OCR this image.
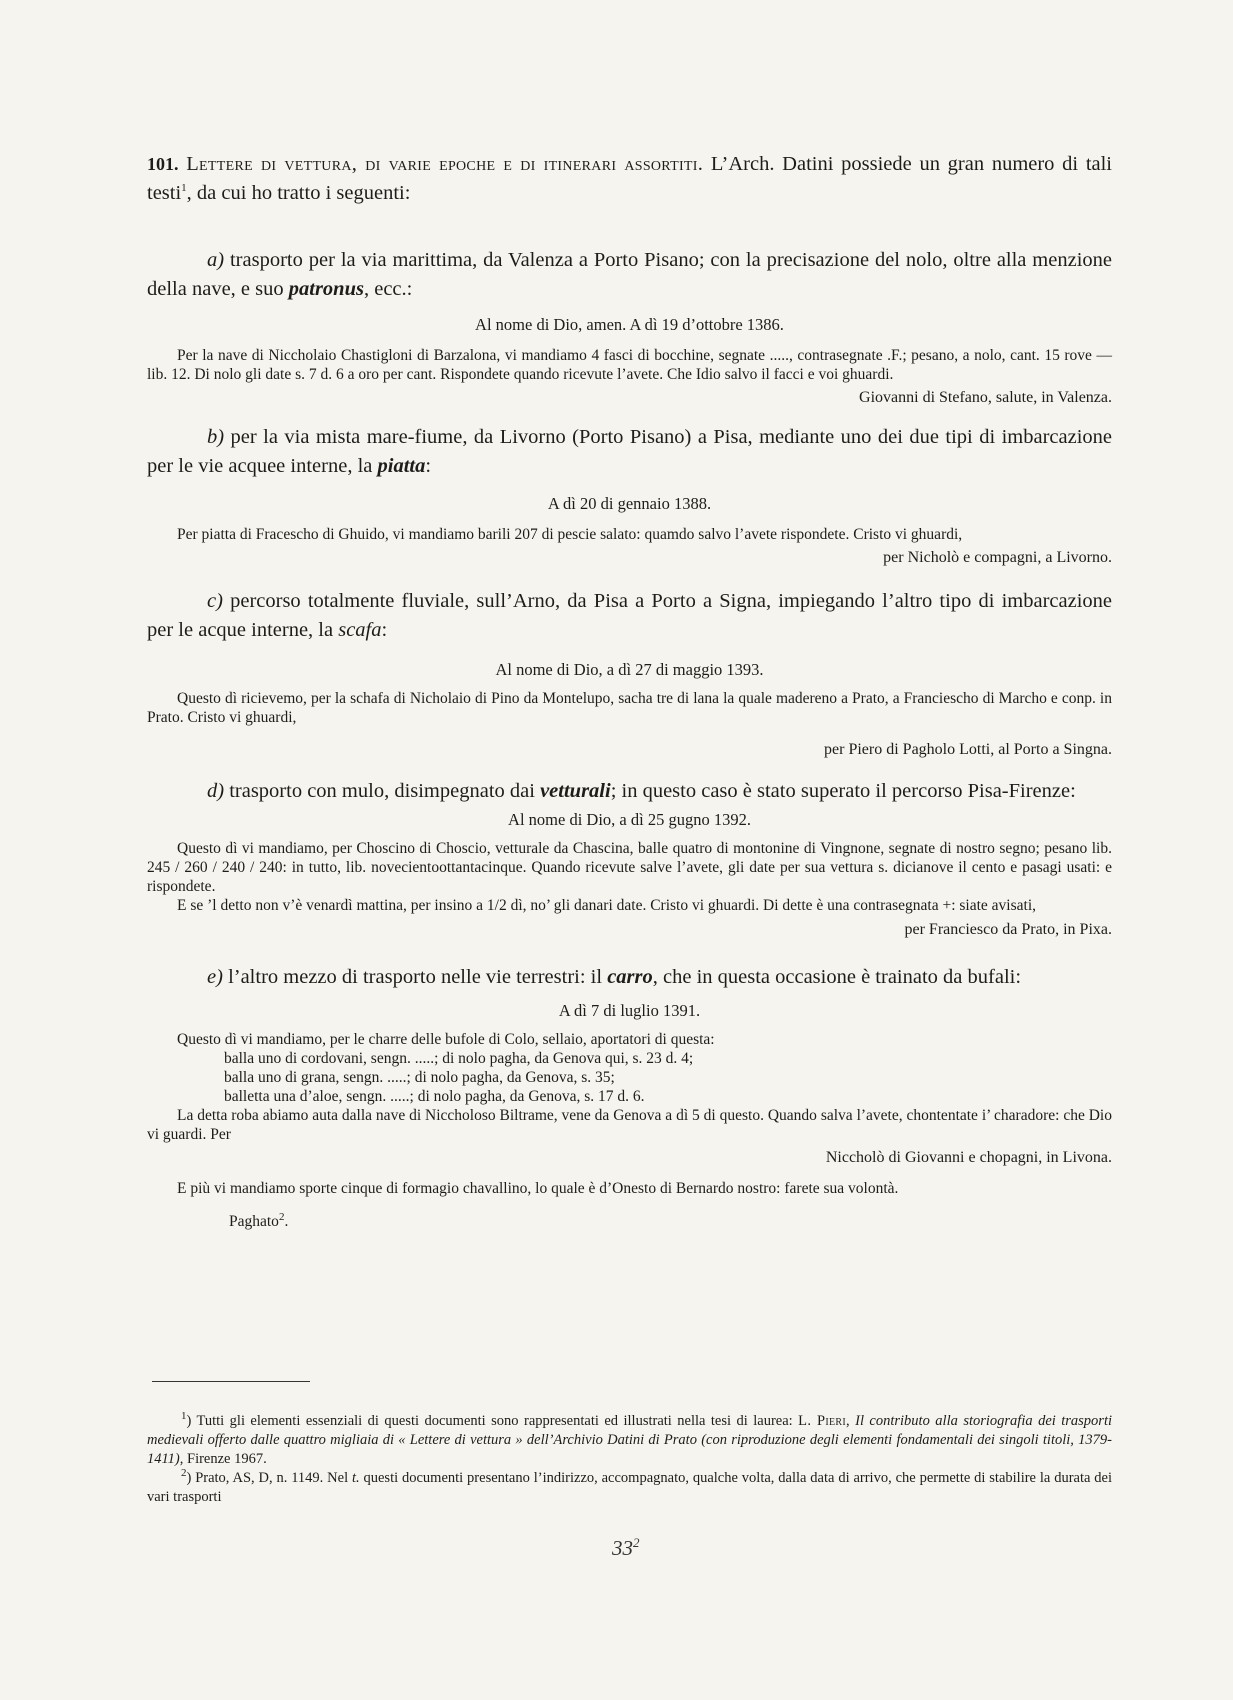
101. Lettere di vettura, di varie epoche e di itinerari assortiti. L’Arch. Datini possiede un gran numero di tali testi$^1$, da cui ho tratto i seguenti:

a) trasporto per la via marittima, da Valenza a Porto Pisano; con la precisazione del nolo, oltre alla menzione della nave, e suo patronus, ecc.:

Al nome di Dio, amen. A dì 19 d’ottobre 1386.

Per la nave di Niccholaio Chastigloni di Barzalona, vi mandiamo 4 fasci di bocchine, segnate ....., contrasegnate .F.; pesano, a nolo, cant. 15 rove — lib. 12. Di nolo gli date s. 7 d. 6 a oro per cant. Rispondete quando ricevute l’avete. Che Idio salvo il facci e voi ghuardi.

Giovanni di Stefano, salute, in Valenza.

b) per la via mista mare-fiume, da Livorno (Porto Pisano) a Pisa, mediante uno dei due tipi di imbarcazione per le vie acquee interne, la piatta:

A dì 20 di gennaio 1388.

Per piatta di Fracescho di Ghuido, vi mandiamo barili 207 di pescie salato: quamdo salvo l’avete rispondete. Cristo vi ghuardi,

per Nicholò e compagni, a Livorno.

c) percorso totalmente fluviale, sull’Arno, da Pisa a Porto a Signa, impiegando l’altro tipo di imbarcazione per le acque interne, la scafa:

Al nome di Dio, a dì 27 di maggio 1393.

Questo dì ricievemo, per la schafa di Nicholaio di Pino da Montelupo, sacha tre di lana la quale madereno a Prato, a Franciescho di Marcho e conp. in Prato. Cristo vi ghuardi,

per Piero di Pagholo Lotti, al Porto a Singna.

d) trasporto con mulo, disimpegnato dai vetturali; in questo caso è stato superato il percorso Pisa-Firenze:

Al nome di Dio, a dì 25 gugno 1392.

Questo dì vi mandiamo, per Choscino di Choscio, vetturale da Chascina, balle quatro di montonine di Vingnone, segnate di nostro segno; pesano lib. 245 / 260 / 240 / 240: in tutto, lib. novecientoottantacinque. Quando ricevute salve l’avete, gli date per sua vettura s. dicianove il cento e pasagi usati: e rispondete.

E se ’l detto non v’è venardì mattina, per insino a 1/2 dì, no’ gli danari date. Cristo vi ghuardi. Di dette è una contrasegnata +: siate avisati,

per Franciesco da Prato, in Pixa.

e) l’altro mezzo di trasporto nelle vie terrestri: il carro, che in questa occasione è trainato da bufali:

A dì 7 di luglio 1391.

Questo dì vi mandiamo, per le charre delle bufole di Colo, sellaio, aportatori di questa:

balla uno di cordovani, sengn. .....; di nolo pagha, da Genova qui, s. 23 d. 4;

balla uno di grana, sengn. .....; di nolo pagha, da Genova, s. 35;

balletta una d’aloe, sengn. .....; di nolo pagha, da Genova, s. 17 d. 6.

La detta roba abiamo auta dalla nave di Niccholoso Biltrame, vene da Genova a dì 5 di questo. Quando salva l’avete, chontentate i’ charadore: che Dio vi guardi. Per

Niccholò di Giovanni e chopagni, in Livona.

E più vi mandiamo sporte cinque di formagio chavallino, lo quale è d’Onesto di Bernardo nostro: farete sua volontà.

Paghato$^2$.

$^1$) Tutti gli elementi essenziali di questi documenti sono rappresentati ed illustrati nella tesi di laurea: L. Pieri, Il contributo alla storiografia dei trasporti medievali offerto dalle quattro migliaia di « Lettere di vettura » dell’Archivio Datini di Prato (con riproduzione degli elementi fondamentali dei singoli titoli, 1379-1411), Firenze 1967.

$^2$) Prato, AS, D, n. 1149. Nel t. questi documenti presentano l’indirizzo, accompagnato, qualche volta, dalla data di arrivo, che permette di stabilire la durata dei vari trasporti

$33^2$
